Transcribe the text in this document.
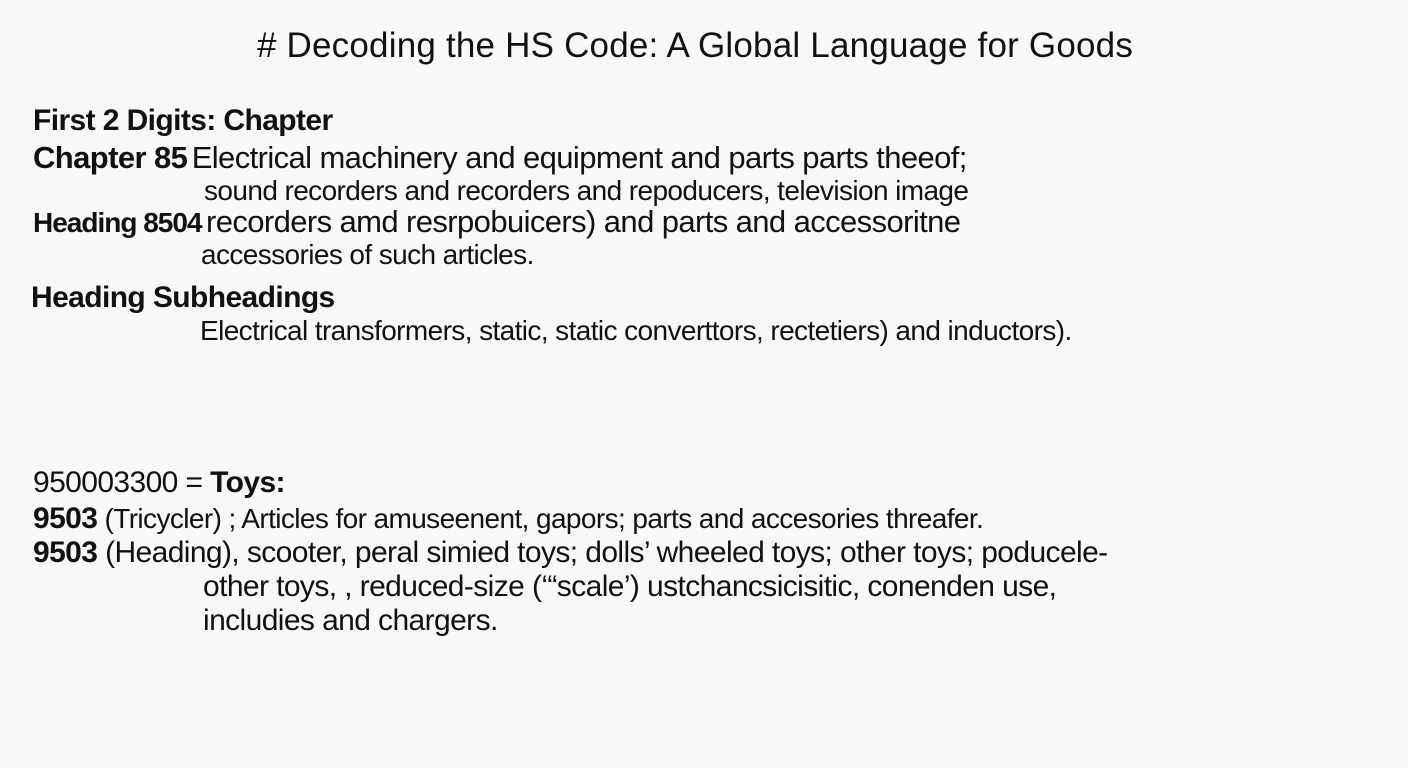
# Decoding the HS Code: A Global Language for Goods
First 2 Digits: Chapter
Chapter 85 Electrical machinery and equipment and parts parts theeof;
sound recorders and recorders and repoducers, television image
Heading 8504 recorders amd resrpobuicers) and parts and accessoritne
accessories of such articles.
Heading Subheadings
Electrical transformers, static, static converttors, rectetiers) and inductors).
950003300 = Toys:
9503 (Tricycler) ; Articles for amuseenent, gapors; parts and accesories threafer.
9503 (Heading), scooter, peral simied toys; dolls’ wheeled toys; other toys; poducele-
other toys, , reduced-size (‘“scale’) ustchancsicisitic, conenden use,
includies and chargers.
